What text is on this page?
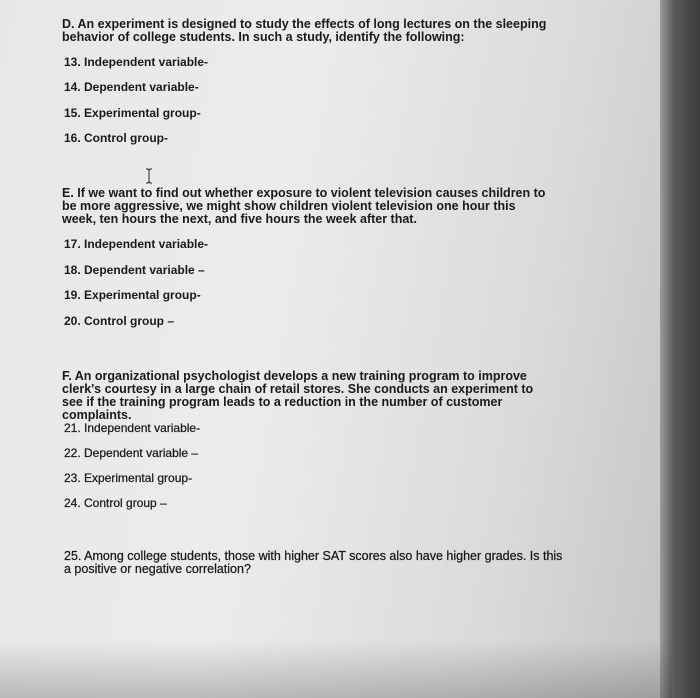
D. An experiment is designed to study the effects of long lectures on the sleeping behavior of college students. In such a study, identify the following:

13. Independent variable-

14. Dependent variable-

15. Experimental group-

16. Control group-

E. If we want to find out whether exposure to violent television causes children to be more aggressive, we might show children violent television one hour this week, ten hours the next, and five hours the week after that.

17. Independent variable-

18. Dependent variable –

19. Experimental group-

20. Control group –

F. An organizational psychologist develops a new training program to improve clerk's courtesy in a large chain of retail stores. She conducts an experiment to see if the training program leads to a reduction in the number of customer complaints.

21. Independent variable-

22. Dependent variable –

23. Experimental group-

24. Control group –

25. Among college students, those with higher SAT scores also have higher grades. Is this a positive or negative correlation?
